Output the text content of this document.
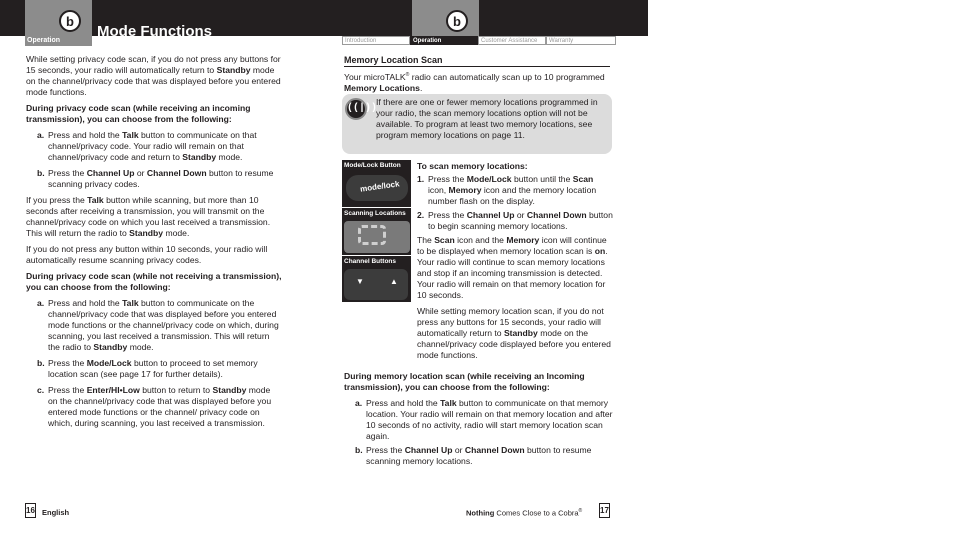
b
Operation
Mode Functions
b
Introduction	Operation	Customer Assistance	Warranty

While setting privacy code scan, if you do not press any buttons for 15 seconds, your radio will automatically return to Standby mode on the channel/privacy code that was displayed before you entered mode functions.

During privacy code scan (while receiving an incoming transmission), you can choose from the following:

a. Press and hold the Talk button to communicate on that channel/privacy code. Your radio will remain on that channel/privacy code and return to Standby mode.
b. Press the Channel Up or Channel Down button to resume scanning privacy codes.

If you press the Talk button while scanning, but more than 10 seconds after receiving a transmission, you will transmit on the channel/privacy code on which you last received a transmission. This will return the radio to Standby mode.

If you do not press any button within 10 seconds, your radio will automatically resume scanning privacy codes.

During privacy code scan (while not receiving a transmission), you can choose from the following:

a. Press and hold the Talk button to communicate on the channel/privacy code that was displayed before you entered mode functions or the channel/privacy code on which, during scanning, you last received a transmission. This will return the radio to Standby mode.
b. Press the Mode/Lock button to proceed to set memory location scan (see page 17 for further details).
c. Press the Enter/HI•Low button to return to Standby mode on the channel/privacy code that was displayed before you entered mode functions or the channel/ privacy code on which, during scanning, you last received a transmission.
Memory Location Scan

Your microTALK® radio can automatically scan up to 10 programmed Memory Locations.

((|))
If there are one or fewer memory locations programmed in your radio, the scan memory locations option will not be available. To program at least two memory locations, see program memory locations on page 11.
Mode/Lock Button
mode/lock
Scanning Locations
Channel Buttons
▼	▲

To scan memory locations:

1. Press the Mode/Lock button until the Scan icon, Memory icon and the memory location number flash on the display.
2. Press the Channel Up or Channel Down button to begin scanning memory locations.

The Scan icon and the Memory icon will continue to be displayed when memory location scan is on. Your radio will continue to scan memory locations and stop if an incoming transmission is detected. Your radio will remain on that memory location for 10 seconds.

While setting memory location scan, if you do not press any buttons for 15 seconds, your radio will automatically return to Standby mode on the channel/privacy code displayed before you entered mode functions.

During memory location scan (while receiving an Incoming transmission), you can choose from the following:

a. Press and hold the Talk button to communicate on that memory location. Your radio will remain on that memory location and after 10 seconds of no activity, radio will start memory location scan again.
b. Press the Channel Up or Channel Down button to resume scanning memory locations.
16 English	Nothing Comes Close to a Cobra® 17
